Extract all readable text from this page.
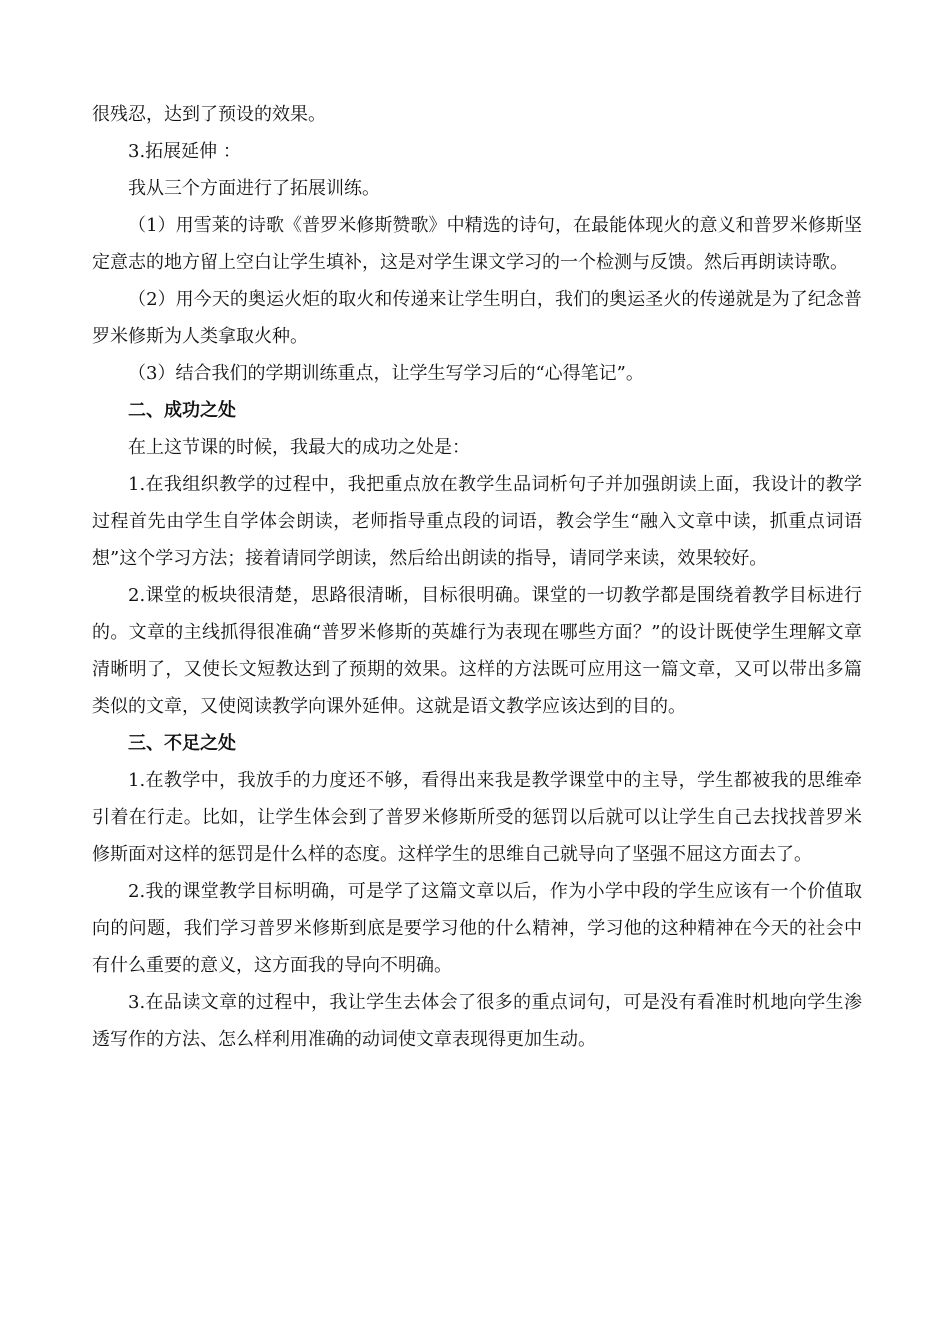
很残忍，达到了预设的效果。

3.拓展延伸 ：

我从三个方面进行了拓展训练。

（1）用雪莱的诗歌《普罗米修斯赞歌》中精选的诗句，在最能体现火的意义和普罗米修斯坚定意志的地方留上空白让学生填补，这是对学生课文学习的一个检测与反馈。然后再朗读诗歌。

（2）用今天的奥运火炬的取火和传递来让学生明白，我们的奥运圣火的传递就是为了纪念普罗米修斯为人类拿取火种。

（3）结合我们的学期训练重点，让学生写学习后的“心得笔记”。

二、成功之处

在上这节课的时候，我最大的成功之处是：

1.在我组织教学的过程中，我把重点放在教学生品词析句子并加强朗读上面，我设计的教学过程首先由学生自学体会朗读，老师指导重点段的词语，教会学生“融入文章中读，抓重点词语想”这个学习方法；接着请同学朗读，然后给出朗读的指导，请同学来读，效果较好。

2.课堂的板块很清楚，思路很清晰，目标很明确。课堂的一切教学都是围绕着教学目标进行的。文章的主线抓得很准确“普罗米修斯的英雄行为表现在哪些方面？”的设计既使学生理解文章清晰明了，又使长文短教达到了预期的效果。这样的方法既可应用这一篇文章，又可以带出多篇类似的文章，又使阅读教学向课外延伸。这就是语文教学应该达到的目的。

三、不足之处

1.在教学中，我放手的力度还不够，看得出来我是教学课堂中的主导，学生都被我的思维牵引着在行走。比如，让学生体会到了普罗米修斯所受的惩罚以后就可以让学生自己去找找普罗米修斯面对这样的惩罚是什么样的态度。这样学生的思维自己就导向了坚强不屈这方面去了。

2.我的课堂教学目标明确，可是学了这篇文章以后，作为小学中段的学生应该有一个价值取向的问题，我们学习普罗米修斯到底是要学习他的什么精神，学习他的这种精神在今天的社会中有什么重要的意义，这方面我的导向不明确。

3.在品读文章的过程中，我让学生去体会了很多的重点词句，可是没有看准时机地向学生渗透写作的方法、怎么样利用准确的动词使文章表现得更加生动。
